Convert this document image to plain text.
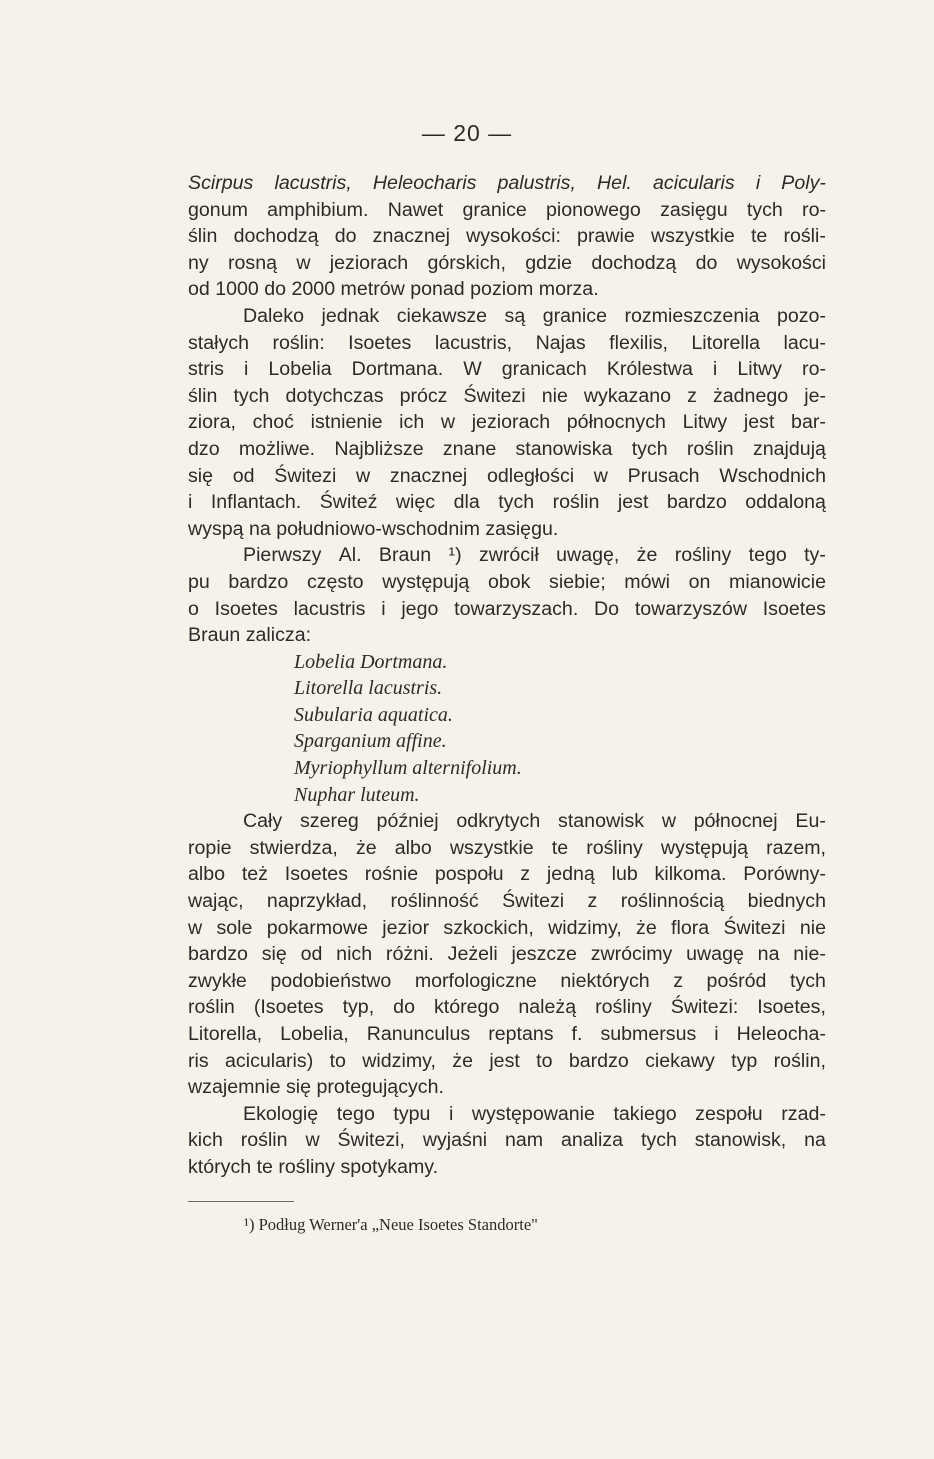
— 20 —
Scirpus lacustris, Heleocharis palustris, Hel. acicularis i Poly-
gonum amphibium. Nawet granice pionowego zasięgu tych ro-
ślin dochodzą do znacznej wysokości: prawie wszystkie te rośli-
ny rosną w jeziorach górskich, gdzie dochodzą do wysokości
od 1000 do 2000 metrów ponad poziom morza.
Daleko jednak ciekawsze są granice rozmieszczenia pozo-
stałych roślin: Isoetes lacustris, Najas flexilis, Litorella lacu-
stris i Lobelia Dortmana. W granicach Królestwa i Litwy ro-
ślin tych dotychczas prócz Świtezi nie wykazano z żadnego je-
ziora, choć istnienie ich w jeziorach północnych Litwy jest bar-
dzo możliwe. Najbliższe znane stanowiska tych roślin znajdują
się od Świtezi w znacznej odległości w Prusach Wschodnich
i Inflantach. Świteź więc dla tych roślin jest bardzo oddaloną
wyspą na południowo-wschodnim zasięgu.
Pierwszy Al. Braun ¹) zwrócił uwagę, że rośliny tego ty-
pu bardzo często występują obok siebie; mówi on mianowicie
o Isoetes lacustris i jego towarzyszach. Do towarzyszów Isoetes
Braun zalicza:
Lobelia Dortmana.
Litorella lacustris.
Subularia aquatica.
Sparganium affine.
Myriophyllum alternifolium.
Nuphar luteum.
Cały szereg później odkrytych stanowisk w północnej Eu-
ropie stwierdza, że albo wszystkie te rośliny występują razem,
albo też Isoetes rośnie pospołu z jedną lub kilkoma. Porówny-
wając, naprzykład, roślinność Świtezi z roślinnością biednych
w sole pokarmowe jezior szkockich, widzimy, że flora Świtezi nie
bardzo się od nich różni. Jeżeli jeszcze zwrócimy uwagę na nie-
zwykłe podobieństwo morfologiczne niektórych z pośród tych
roślin (Isoetes typ, do którego należą rośliny Świtezi: Isoetes,
Litorella, Lobelia, Ranunculus reptans f. submersus i Heleocha-
ris acicularis) to widzimy, że jest to bardzo ciekawy typ roślin,
wzajemnie się protegujących.
Ekologię tego typu i występowanie takiego zespołu rzad-
kich roślin w Świtezi, wyjaśni nam analiza tych stanowisk, na
których te rośliny spotykamy.
¹) Podług Werner'a „Neue Isoetes Standorte"
